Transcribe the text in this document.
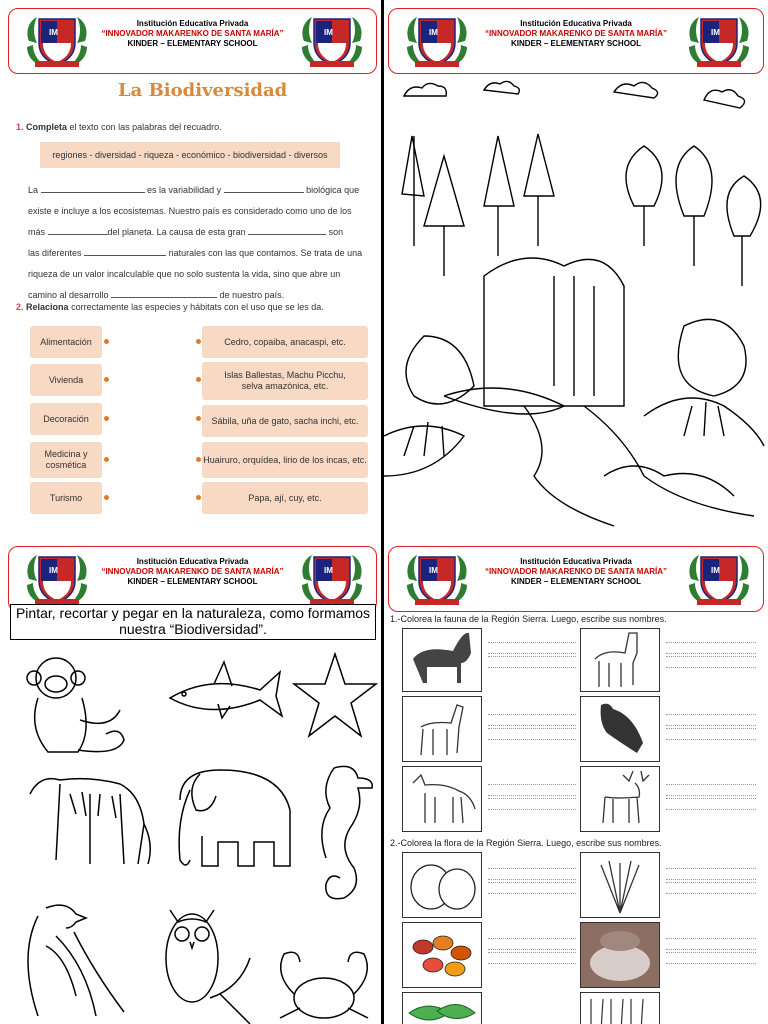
Institución Educativa Privada
“INNOVADOR MAKARENKO DE SANTA MARÍA”
KINDER – ELEMENTARY SCHOOL
La Biodiversidad
1. Completa el texto con las palabras del recuadro.
regiones - diversidad - riqueza - económico - biodiversidad - diversos
La	es la variabilidad y	biológica que
existe e incluye a los ecosistemas. Nuestro país es considerado como uno de los
más	del planeta. La causa de esta gran	son
las diferentes	naturales con las que contamos. Se trata de una
riqueza de un valor incalculable que no solo sustenta la vida, sino que abre un
camino al desarrollo	de nuestro país.
2. Relaciona correctamente las especies y hábitats con el uso que se les da.
Alimentación
Vivienda
Decoración
Medicina y cosmética
Turismo
Cedro, copaiba, anacaspi, etc.
Islas Ballestas, Machu Picchu, selva amazónica, etc.
Sábila, uña de gato, sacha inchi, etc.
Huairuro, orquídea, lirio de los incas, etc.
Papa, ají, cuy, etc.
Institución Educativa Privada
“INNOVADOR MAKARENKO DE SANTA MARÍA”
KINDER – ELEMENTARY SCHOOL
Institución Educativa Privada
“INNOVADOR MAKARENKO DE SANTA MARÍA”
KINDER – ELEMENTARY SCHOOL
Pintar, recortar y pegar en la naturaleza, como formamos nuestra “Biodiversidad”.
Institución Educativa Privada
“INNOVADOR MAKARENKO DE SANTA MARÍA”
KINDER – ELEMENTARY SCHOOL
1.-Colorea la fauna de la Región Sierra. Luego, escribe sus nombres.
2.-Colorea la flora de la Región Sierra. Luego, escribe sus nombres.
